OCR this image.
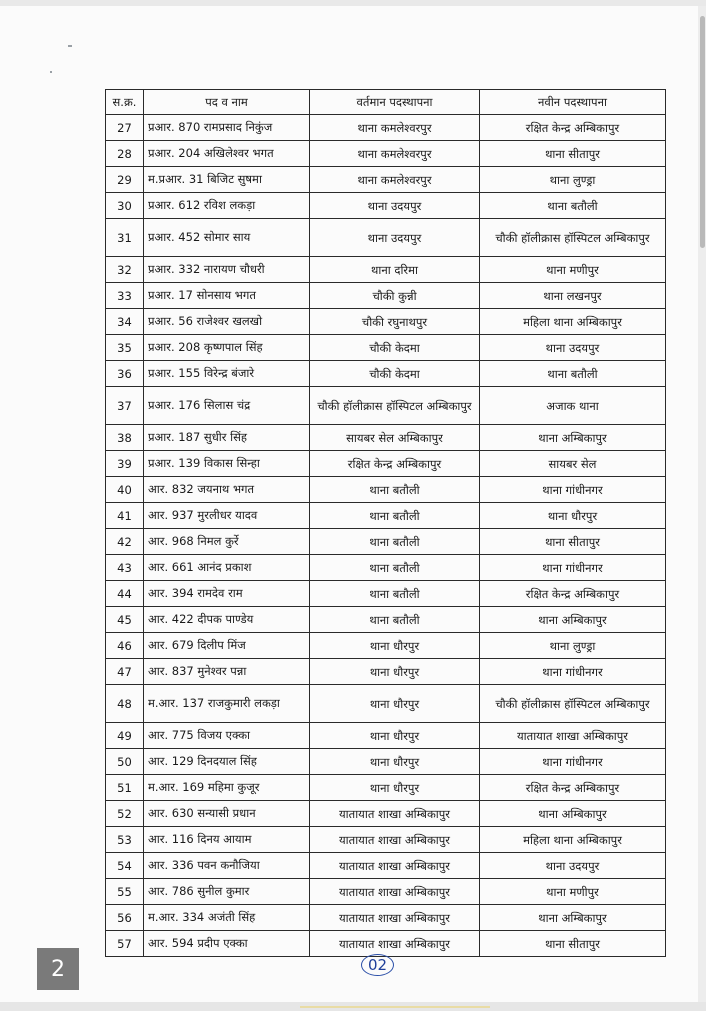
स.क्र.	पद व नाम	वर्तमान पदस्थापना	नवीन पदस्थापना
27	प्रआर. 870 रामप्रसाद निकुंज	थाना कमलेश्वरपुर	रक्षित केन्द्र अम्बिकापुर
28	प्रआर. 204 अखिलेश्वर भगत	थाना कमलेश्वरपुर	थाना सीतापुर
29	म.प्रआर. 31 बिजिट सुषमा	थाना कमलेश्वरपुर	थाना लुण्ड्रा
30	प्रआर. 612 रविश लकड़ा	थाना उदयपुर	थाना बतौली
31	प्रआर. 452 सोमार साय	थाना उदयपुर	चौकी हॉलीक्रास हॉस्पिटल अम्बिकापुर
32	प्रआर. 332 नारायण चौधरी	थाना दरिमा	थाना मणीपुर
33	प्रआर. 17 सोनसाय भगत	चौकी कुन्नी	थाना लखनपुर
34	प्रआर. 56 राजेश्वर खलखो	चौकी रघुनाथपुर	महिला थाना अम्बिकापुर
35	प्रआर. 208 कृष्णपाल सिंह	चौकी केदमा	थाना उदयपुर
36	प्रआर. 155 विरेन्द्र बंजारे	चौकी केदमा	थाना बतौली
37	प्रआर. 176 सिलास चंद्र	चौकी हॉलीक्रास हॉस्पिटल अम्बिकापुर	अजाक थाना
38	प्रआर. 187 सुधीर सिंह	सायबर सेल अम्बिकापुर	थाना अम्बिकापुर
39	प्रआर. 139 विकास सिन्हा	रक्षित केन्द्र अम्बिकापुर	सायबर सेल
40	आर. 832 जयनाथ भगत	थाना बतौली	थाना गांधीनगर
41	आर. 937 मुरलीधर यादव	थाना बतौली	थाना धौरपुर
42	आर. 968 निमल कुर्रे	थाना बतौली	थाना सीतापुर
43	आर. 661 आनंद प्रकाश	थाना बतौली	थाना गांधीनगर
44	आर. 394 रामदेव राम	थाना बतौली	रक्षित केन्द्र अम्बिकापुर
45	आर. 422 दीपक पाण्डेय	थाना बतौली	थाना अम्बिकापुर
46	आर. 679 दिलीप मिंज	थाना धौरपुर	थाना लुण्ड्रा
47	आर. 837 मुनेश्वर पन्ना	थाना धौरपुर	थाना गांधीनगर
48	म.आर. 137 राजकुमारी लकड़ा	थाना धौरपुर	चौकी हॉलीक्रास हॉस्पिटल अम्बिकापुर
49	आर. 775 विजय एक्का	थाना धौरपुर	यातायात शाखा अम्बिकापुर
50	आर. 129 दिनदयाल सिंह	थाना धौरपुर	थाना गांधीनगर
51	म.आर. 169 महिमा कुजूर	थाना धौरपुर	रक्षित केन्द्र अम्बिकापुर
52	आर. 630 सन्यासी प्रधान	यातायात शाखा अम्बिकापुर	थाना अम्बिकापुर
53	आर. 116 दिनय आयाम	यातायात शाखा अम्बिकापुर	महिला थाना अम्बिकापुर
54	आर. 336 पवन कनौजिया	यातायात शाखा अम्बिकापुर	थाना उदयपुर
55	आर. 786 सुनील कुमार	यातायात शाखा अम्बिकापुर	थाना मणीपुर
56	म.आर. 334 अजंती सिंह	यातायात शाखा अम्बिकापुर	थाना अम्बिकापुर
57	आर. 594 प्रदीप एक्का	यातायात शाखा अम्बिकापुर	थाना सीतापुर
2	02
